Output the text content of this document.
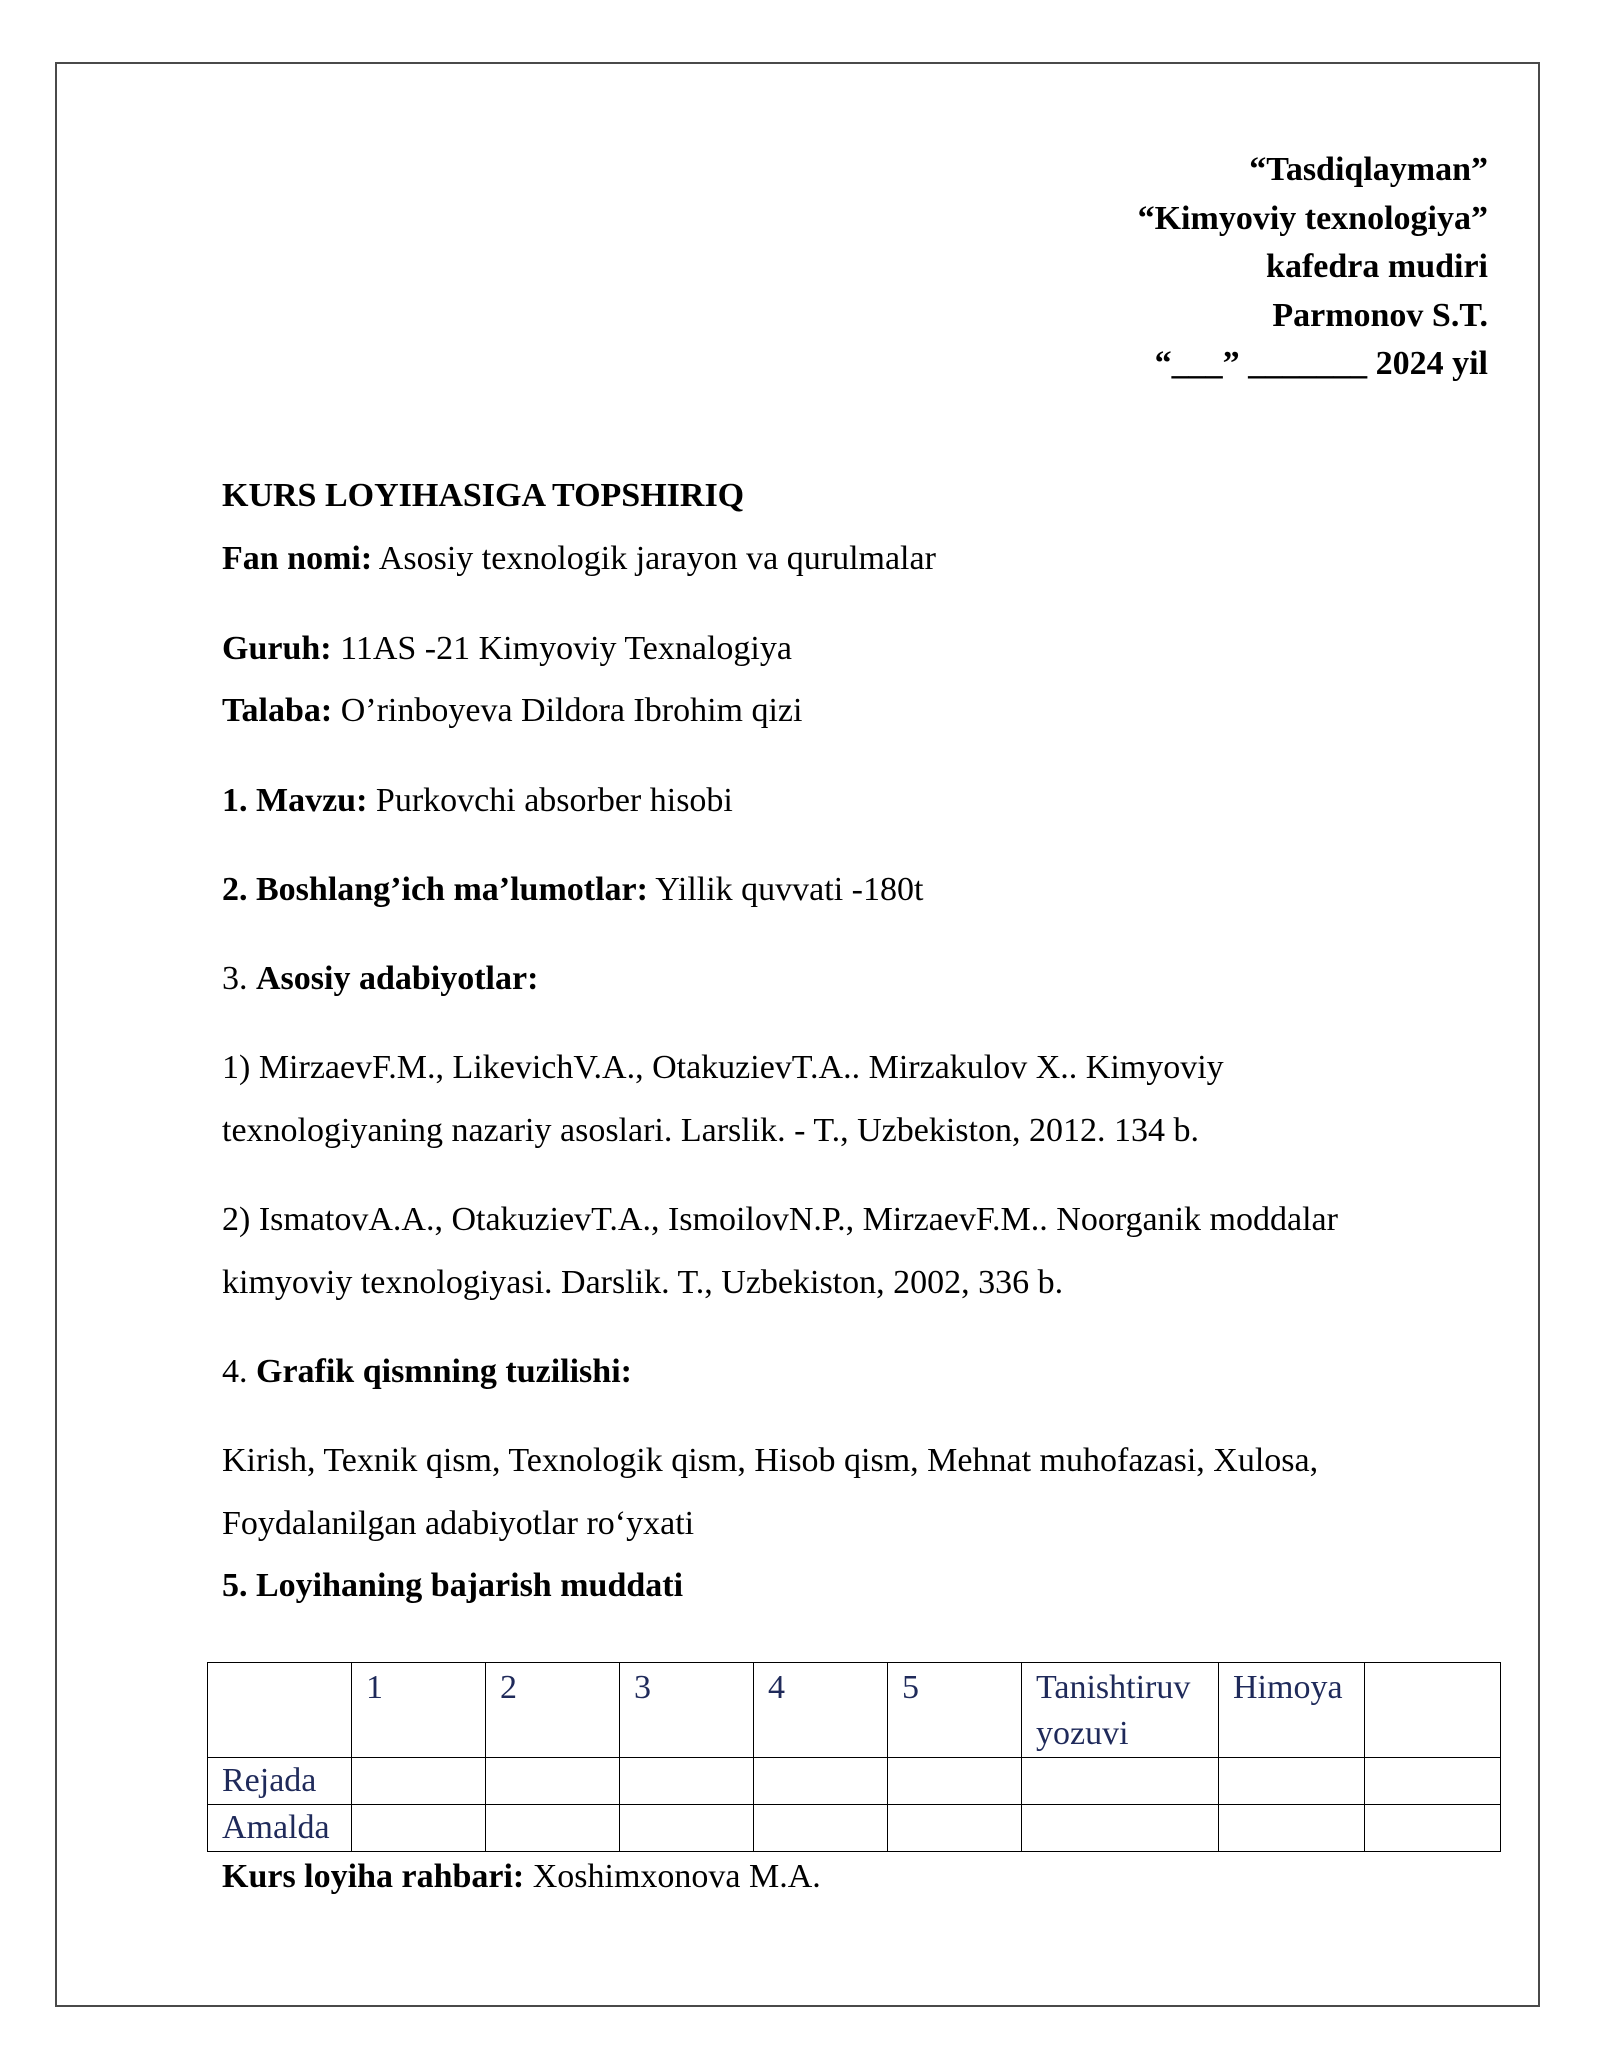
“Tasdiqlayman”
“Kimyoviy texnologiya”
kafedra mudiri
Parmonov S.T.
“___” _______ 2024 yil
KURS LOYIHASIGA TOPSHIRIQ
Fan nomi: Asosiy texnologik jarayon va qurulmalar
Guruh: 11AS -21 Kimyoviy Texnalogiya
Talaba: O’rinboyeva Dildora Ibrohim qizi
1. Mavzu: Purkovchi absorber hisobi
2. Boshlang’ich ma’lumotlar: Yillik quvvati -180t
3. Asosiy adabiyotlar:
1) MirzaevF.M., LikevichV.A., OtakuzievT.A.. Mirzakulov X.. Kimyoviy
texnologiyaning nazariy asoslari. Larslik. - T., Uzbekiston, 2012. 134 b.
2) IsmatovA.A., OtakuzievT.A., IsmoilovN.P., MirzaevF.M.. Noorganik moddalar
kimyoviy texnologiyasi. Darslik. T., Uzbekiston, 2002, 336 b.
4. Grafik qismning tuzilishi:
Kirish, Texnik qism, Texnologik qism, Hisob qism, Mehnat muhofazasi, Xulosa,
Foydalanilgan adabiyotlar ro‘yxati
5. Loyihaning bajarish muddati
Kurs loyiha rahbari: Xoshimxonova M.A.
	1	2	3	4	5	Tanishtiruv yozuvi	Himoya	
Rejada								
Amalda								
